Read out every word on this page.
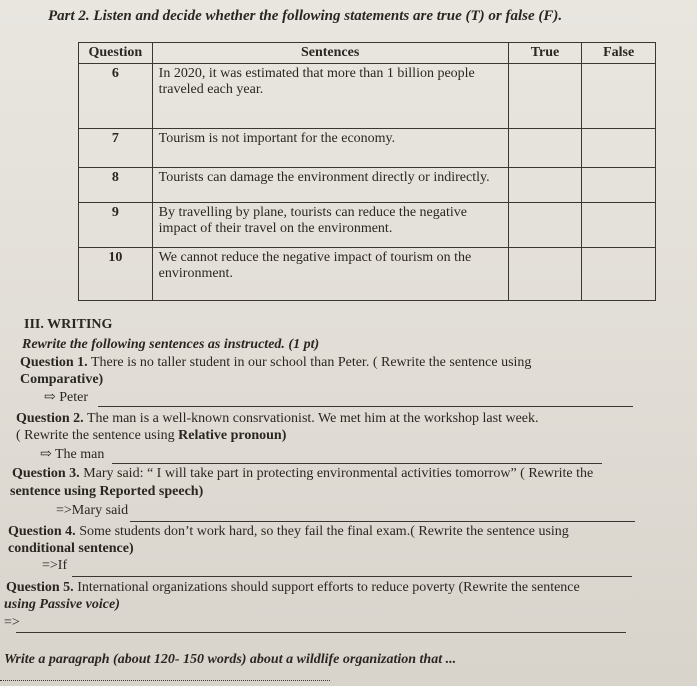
Part 2. Listen and decide whether the following statements are true (T) or false (F).
Question	Sentences	True	False
6	In 2020, it was estimated that more than 1 billion people traveled each year.		
7	Tourism is not important for the economy.		
8	Tourists can damage the environment directly or indirectly.		
9	By travelling by plane, tourists can reduce the negative impact of their travel on the environment.		
10	We cannot reduce the negative impact of tourism on the environment.		
III. WRITING
Rewrite the following sentences as instructed. (1 pt)
Question 1. There is no taller student in our school than Peter. ( Rewrite the sentence using
Comparative)
⇨ Peter
Question 2. The man is a well-known consrvationist. We met him at the workshop last week.
( Rewrite the sentence using Relative pronoun)
⇨ The man
Question 3. Mary said: “ I will take part in protecting environmental activities tomorrow” ( Rewrite the
sentence using Reported speech)
=>Mary said
Question 4. Some students don’t work hard, so they fail the final exam.( Rewrite the sentence using
conditional sentence)
=>If
Question 5. International organizations should support efforts to reduce poverty (Rewrite the sentence
using Passive voice)
=>
Write a paragraph (about 120- 150 words) about a wildlife organization that ...
